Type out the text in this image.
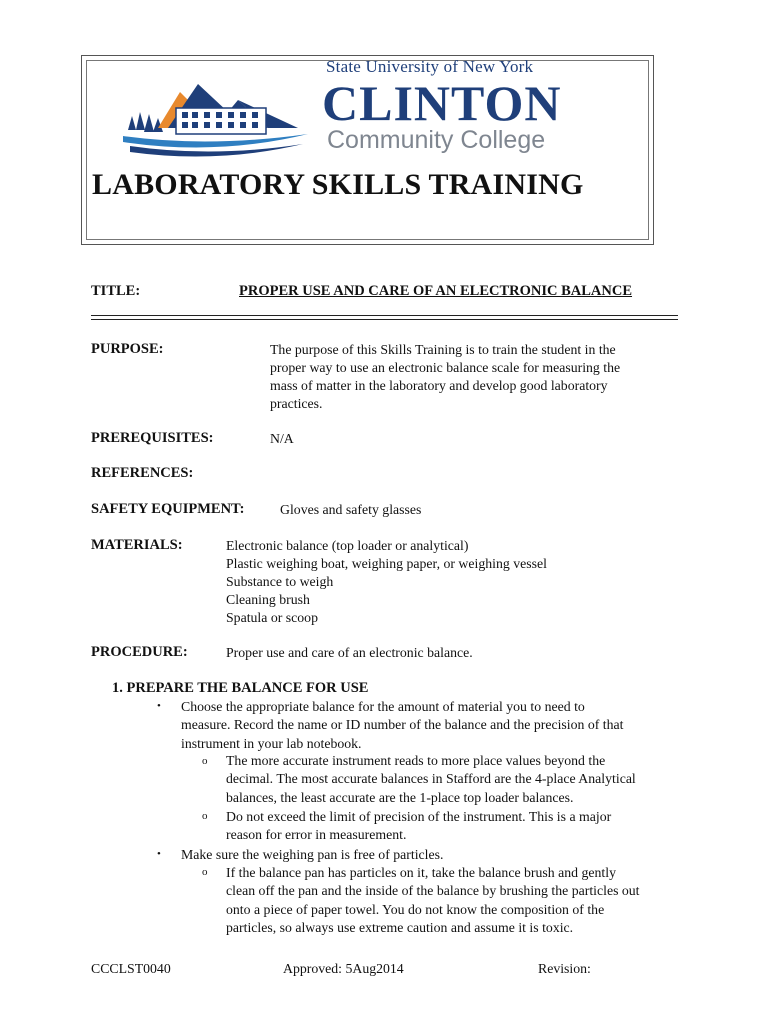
State University of New York
CLINTON
Community College
LABORATORY SKILLS TRAINING
TITLE:	PROPER USE AND CARE OF AN ELECTRONIC BALANCE
PURPOSE:	The purpose of this Skills Training is to train the student in the
proper way to use an electronic balance scale for measuring the
mass of matter in the laboratory and develop good laboratory
practices.
PREREQUISITES:	N/A
REFERENCES:
SAFETY EQUIPMENT:	Gloves and safety glasses
MATERIALS:	Electronic balance (top loader or analytical)
Plastic weighing boat, weighing paper, or weighing vessel
Substance to weigh
Cleaning brush
Spatula or scoop
PROCEDURE:	Proper use and care of an electronic balance.
1. PREPARE THE BALANCE FOR USE
• Choose the appropriate balance for the amount of material you to need to
measure. Record the name or ID number of the balance and the precision of that
instrument in your lab notebook.
o The more accurate instrument reads to more place values beyond the
decimal. The most accurate balances in Stafford are the 4-place Analytical
balances, the least accurate are the 1-place top loader balances.
o Do not exceed the limit of precision of the instrument. This is a major
reason for error in measurement.
• Make sure the weighing pan is free of particles.
o If the balance pan has particles on it, take the balance brush and gently
clean off the pan and the inside of the balance by brushing the particles out
onto a piece of paper towel. You do not know the composition of the
particles, so always use extreme caution and assume it is toxic.
CCCLST0040	Approved: 5Aug2014	Revision:
